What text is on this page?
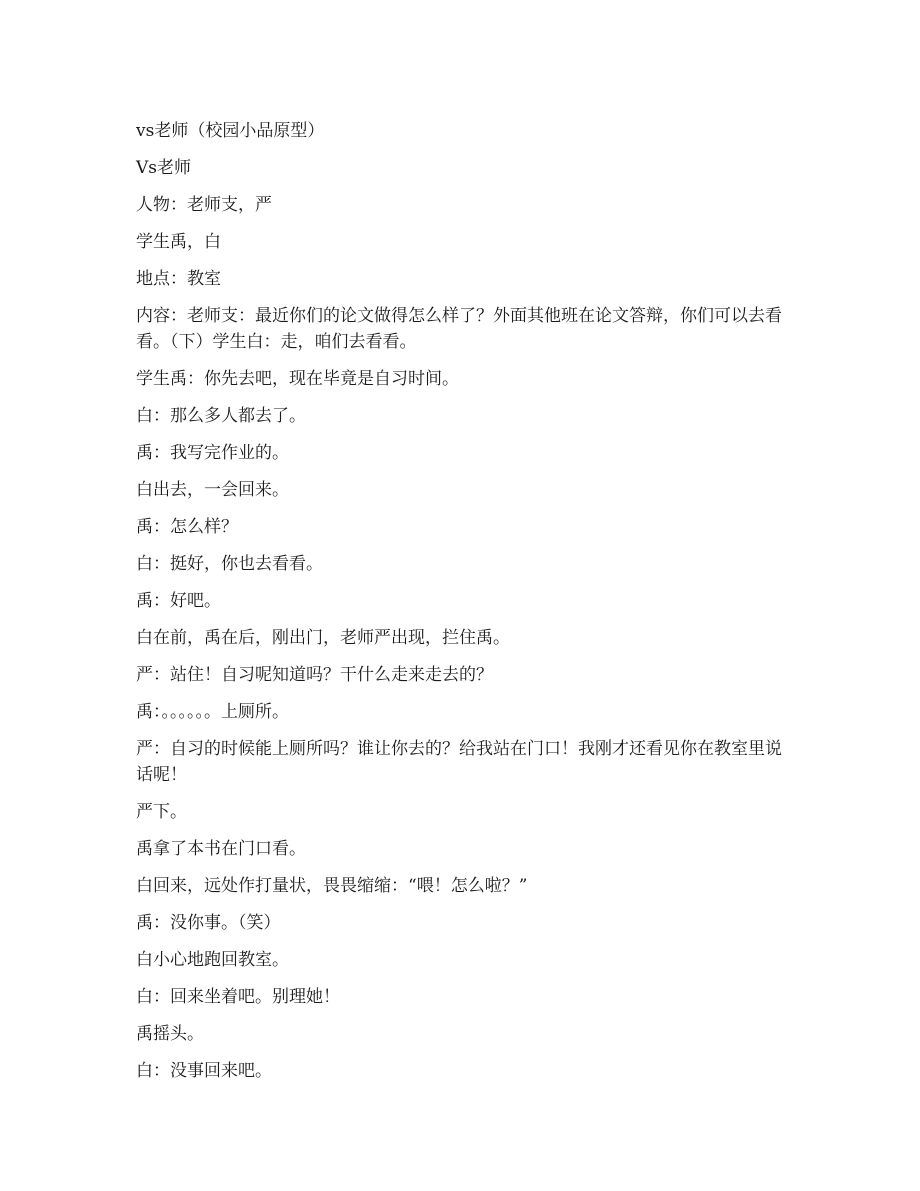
vs老师（校园小品原型）

Vs老师

人物：老师支，严

学生禹，白

地点：教室

内容：老师支：最近你们的论文做得怎么样了？外面其他班在论文答辩，你们可以去看看。（下）学生白：走，咱们去看看。

学生禹：你先去吧，现在毕竟是自习时间。

白：那么多人都去了。

禹：我写完作业的。

白出去，一会回来。

禹：怎么样？

白：挺好，你也去看看。

禹：好吧。

白在前，禹在后，刚出门，老师严出现，拦住禹。

严：站住！自习呢知道吗？干什么走来走去的？

禹：。。。。。。上厕所。

严：自习的时候能上厕所吗？谁让你去的？给我站在门口！我刚才还看见你在教室里说话呢！

严下。

禹拿了本书在门口看。

白回来，远处作打量状，畏畏缩缩：“喂！怎么啦？”

禹：没你事。（笑）

白小心地跑回教室。

白：回来坐着吧。别理她！

禹摇头。

白：没事回来吧。
